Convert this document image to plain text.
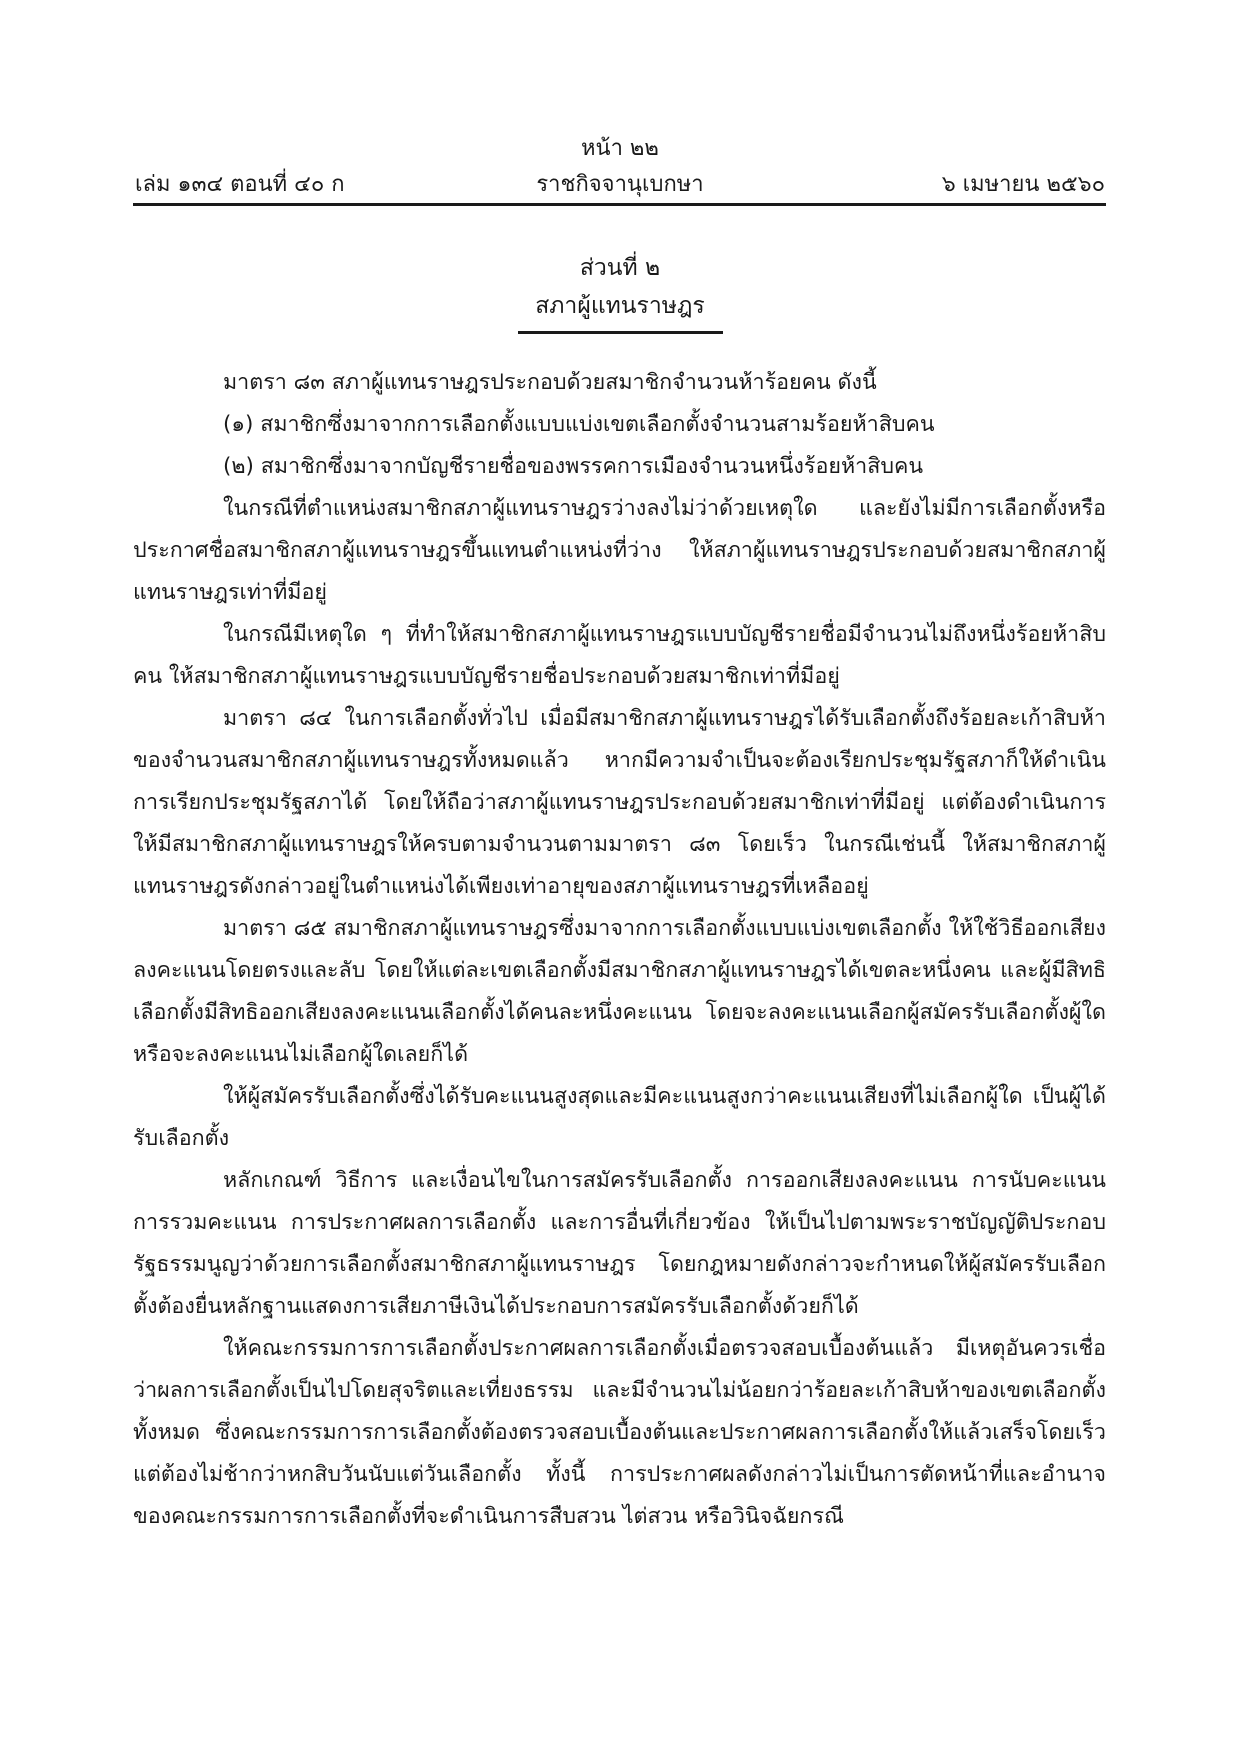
หน้า ๒๒
เล่ม ๑๓๔ ตอนที่ ๔๐ ก	ราชกิจจานุเบกษา	๖ เมษายน ๒๕๖๐
ส่วนที่ ๒
สภาผู้แทนราษฎร

มาตรา ๘๓ สภาผู้แทนราษฎรประกอบด้วยสมาชิกจำนวนห้าร้อยคน ดังนี้

(๑) สมาชิกซึ่งมาจากการเลือกตั้งแบบแบ่งเขตเลือกตั้งจำนวนสามร้อยห้าสิบคน

(๒) สมาชิกซึ่งมาจากบัญชีรายชื่อของพรรคการเมืองจำนวนหนึ่งร้อยห้าสิบคน

ในกรณีที่ตำแหน่งสมาชิกสภาผู้แทนราษฎรว่างลงไม่ว่าด้วยเหตุใด และยังไม่มีการเลือกตั้งหรือประกาศชื่อสมาชิกสภาผู้แทนราษฎรขึ้นแทนตำแหน่งที่ว่าง ให้สภาผู้แทนราษฎรประกอบด้วยสมาชิกสภาผู้แทนราษฎรเท่าที่มีอยู่

ในกรณีมีเหตุใด ๆ ที่ทำให้สมาชิกสภาผู้แทนราษฎรแบบบัญชีรายชื่อมีจำนวนไม่ถึงหนึ่งร้อยห้าสิบคน ให้สมาชิกสภาผู้แทนราษฎรแบบบัญชีรายชื่อประกอบด้วยสมาชิกเท่าที่มีอยู่

มาตรา ๘๔ ในการเลือกตั้งทั่วไป เมื่อมีสมาชิกสภาผู้แทนราษฎรได้รับเลือกตั้งถึงร้อยละเก้าสิบห้าของจำนวนสมาชิกสภาผู้แทนราษฎรทั้งหมดแล้ว หากมีความจำเป็นจะต้องเรียกประชุมรัฐสภาก็ให้ดำเนินการเรียกประชุมรัฐสภาได้ โดยให้ถือว่าสภาผู้แทนราษฎรประกอบด้วยสมาชิกเท่าที่มีอยู่ แต่ต้องดำเนินการให้มีสมาชิกสภาผู้แทนราษฎรให้ครบตามจำนวนตามมาตรา ๘๓ โดยเร็ว ในกรณีเช่นนี้ ให้สมาชิกสภาผู้แทนราษฎรดังกล่าวอยู่ในตำแหน่งได้เพียงเท่าอายุของสภาผู้แทนราษฎรที่เหลืออยู่

มาตรา ๘๕ สมาชิกสภาผู้แทนราษฎรซึ่งมาจากการเลือกตั้งแบบแบ่งเขตเลือกตั้ง ให้ใช้วิธีออกเสียงลงคะแนนโดยตรงและลับ โดยให้แต่ละเขตเลือกตั้งมีสมาชิกสภาผู้แทนราษฎรได้เขตละหนึ่งคน และผู้มีสิทธิเลือกตั้งมีสิทธิออกเสียงลงคะแนนเลือกตั้งได้คนละหนึ่งคะแนน โดยจะลงคะแนนเลือกผู้สมัครรับเลือกตั้งผู้ใด หรือจะลงคะแนนไม่เลือกผู้ใดเลยก็ได้

ให้ผู้สมัครรับเลือกตั้งซึ่งได้รับคะแนนสูงสุดและมีคะแนนสูงกว่าคะแนนเสียงที่ไม่เลือกผู้ใด เป็นผู้ได้รับเลือกตั้ง

หลักเกณฑ์ วิธีการ และเงื่อนไขในการสมัครรับเลือกตั้ง การออกเสียงลงคะแนน การนับคะแนน การรวมคะแนน การประกาศผลการเลือกตั้ง และการอื่นที่เกี่ยวข้อง ให้เป็นไปตามพระราชบัญญัติประกอบรัฐธรรมนูญว่าด้วยการเลือกตั้งสมาชิกสภาผู้แทนราษฎร โดยกฎหมายดังกล่าวจะกำหนดให้ผู้สมัครรับเลือกตั้งต้องยื่นหลักฐานแสดงการเสียภาษีเงินได้ประกอบการสมัครรับเลือกตั้งด้วยก็ได้

ให้คณะกรรมการการเลือกตั้งประกาศผลการเลือกตั้งเมื่อตรวจสอบเบื้องต้นแล้ว มีเหตุอันควรเชื่อว่าผลการเลือกตั้งเป็นไปโดยสุจริตและเที่ยงธรรม และมีจำนวนไม่น้อยกว่าร้อยละเก้าสิบห้าของเขตเลือกตั้งทั้งหมด ซึ่งคณะกรรมการการเลือกตั้งต้องตรวจสอบเบื้องต้นและประกาศผลการเลือกตั้งให้แล้วเสร็จโดยเร็ว แต่ต้องไม่ช้ากว่าหกสิบวันนับแต่วันเลือกตั้ง ทั้งนี้ การประกาศผลดังกล่าวไม่เป็นการตัดหน้าที่และอำนาจของคณะกรรมการการเลือกตั้งที่จะดำเนินการสืบสวน ไต่สวน หรือวินิจฉัยกรณี
